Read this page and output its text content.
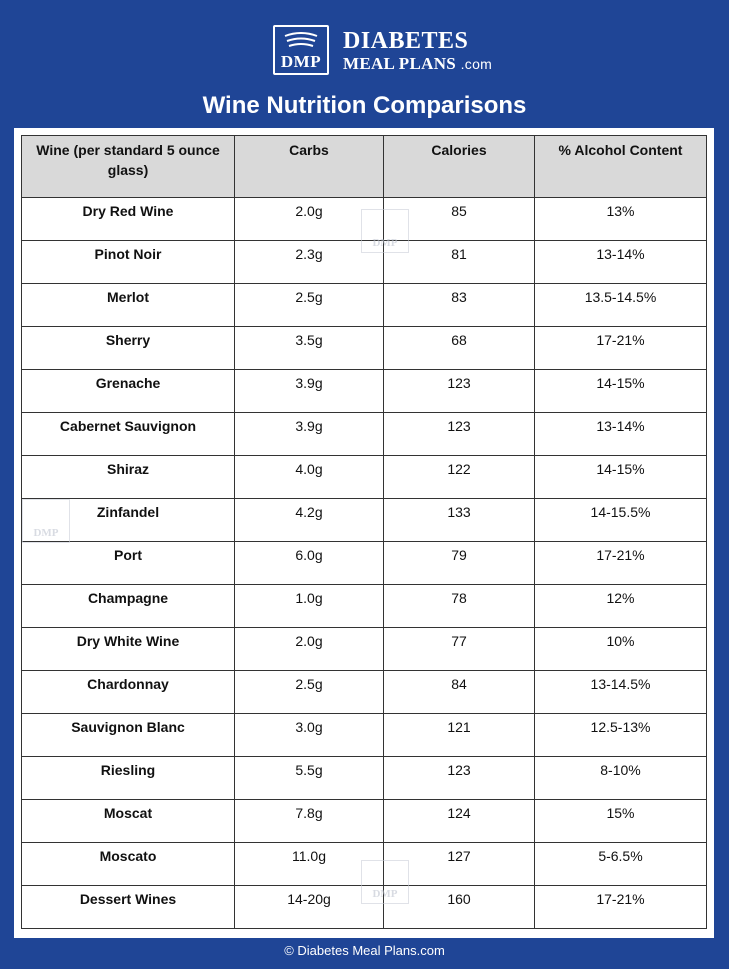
DMP
DIABETES
MEAL PLANS .com
Wine Nutrition Comparisons
Wine (per standard 5 ounce glass)	Carbs	Calories	% Alcohol Content
Dry Red Wine	2.0g	85	13%
Pinot Noir	2.3g	81	13-14%
Merlot	2.5g	83	13.5-14.5%
Sherry	3.5g	68	17-21%
Grenache	3.9g	123	14-15%
Cabernet Sauvignon	3.9g	123	13-14%
Shiraz	4.0g	122	14-15%
Zinfandel	4.2g	133	14-15.5%
Port	6.0g	79	17-21%
Champagne	1.0g	78	12%
Dry White Wine	2.0g	77	10%
Chardonnay	2.5g	84	13-14.5%
Sauvignon Blanc	3.0g	121	12.5-13%
Riesling	5.5g	123	8-10%
Moscat	7.8g	124	15%
Moscato	11.0g	127	5-6.5%
Dessert Wines	14-20g	160	17-21%
DMP
DMP
DMP
© Diabetes Meal Plans.com
